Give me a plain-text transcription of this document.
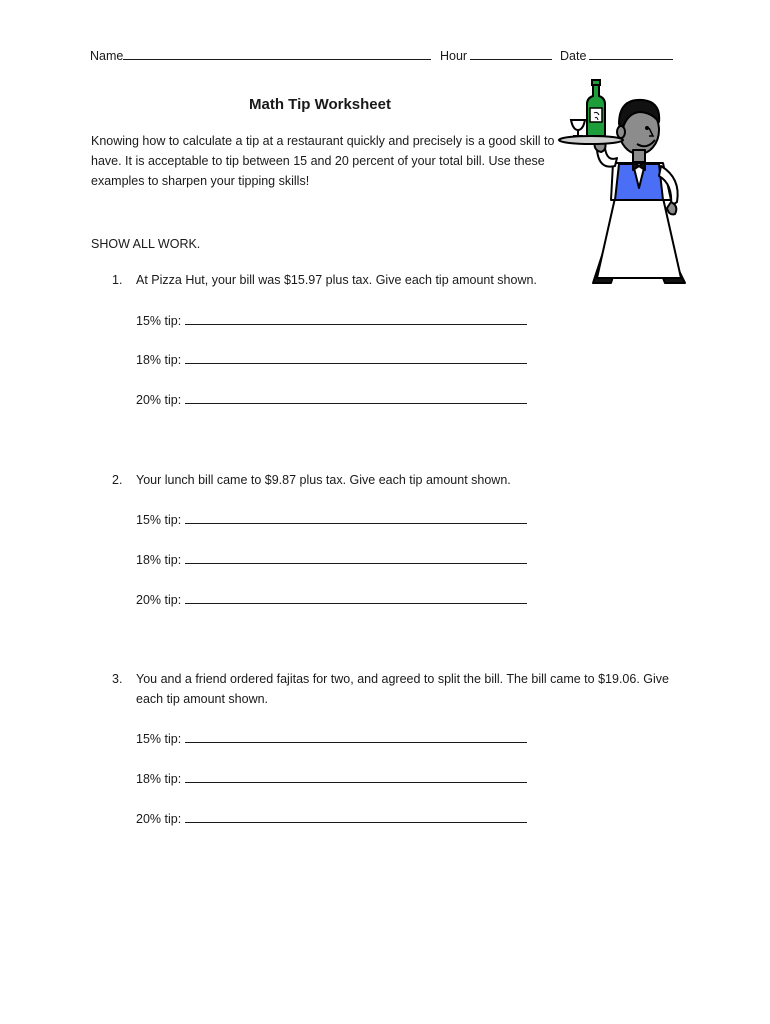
Name	Hour	Date
Math Tip Worksheet
Knowing how to calculate a tip at a restaurant quickly and precisely is a good skill to have. It is acceptable to tip between 15 and 20 percent of your total bill. Use these examples to sharpen your tipping skills!
SHOW ALL WORK.
1. At Pizza Hut, your bill was $15.97 plus tax. Give each tip amount shown.
15% tip:
18% tip:
20% tip:
2. Your lunch bill came to $9.87 plus tax. Give each tip amount shown.
15% tip:
18% tip:
20% tip:
3. You and a friend ordered fajitas for two, and agreed to split the bill. The bill came to $19.06. Give each tip amount shown.
15% tip:
18% tip:
20% tip:
